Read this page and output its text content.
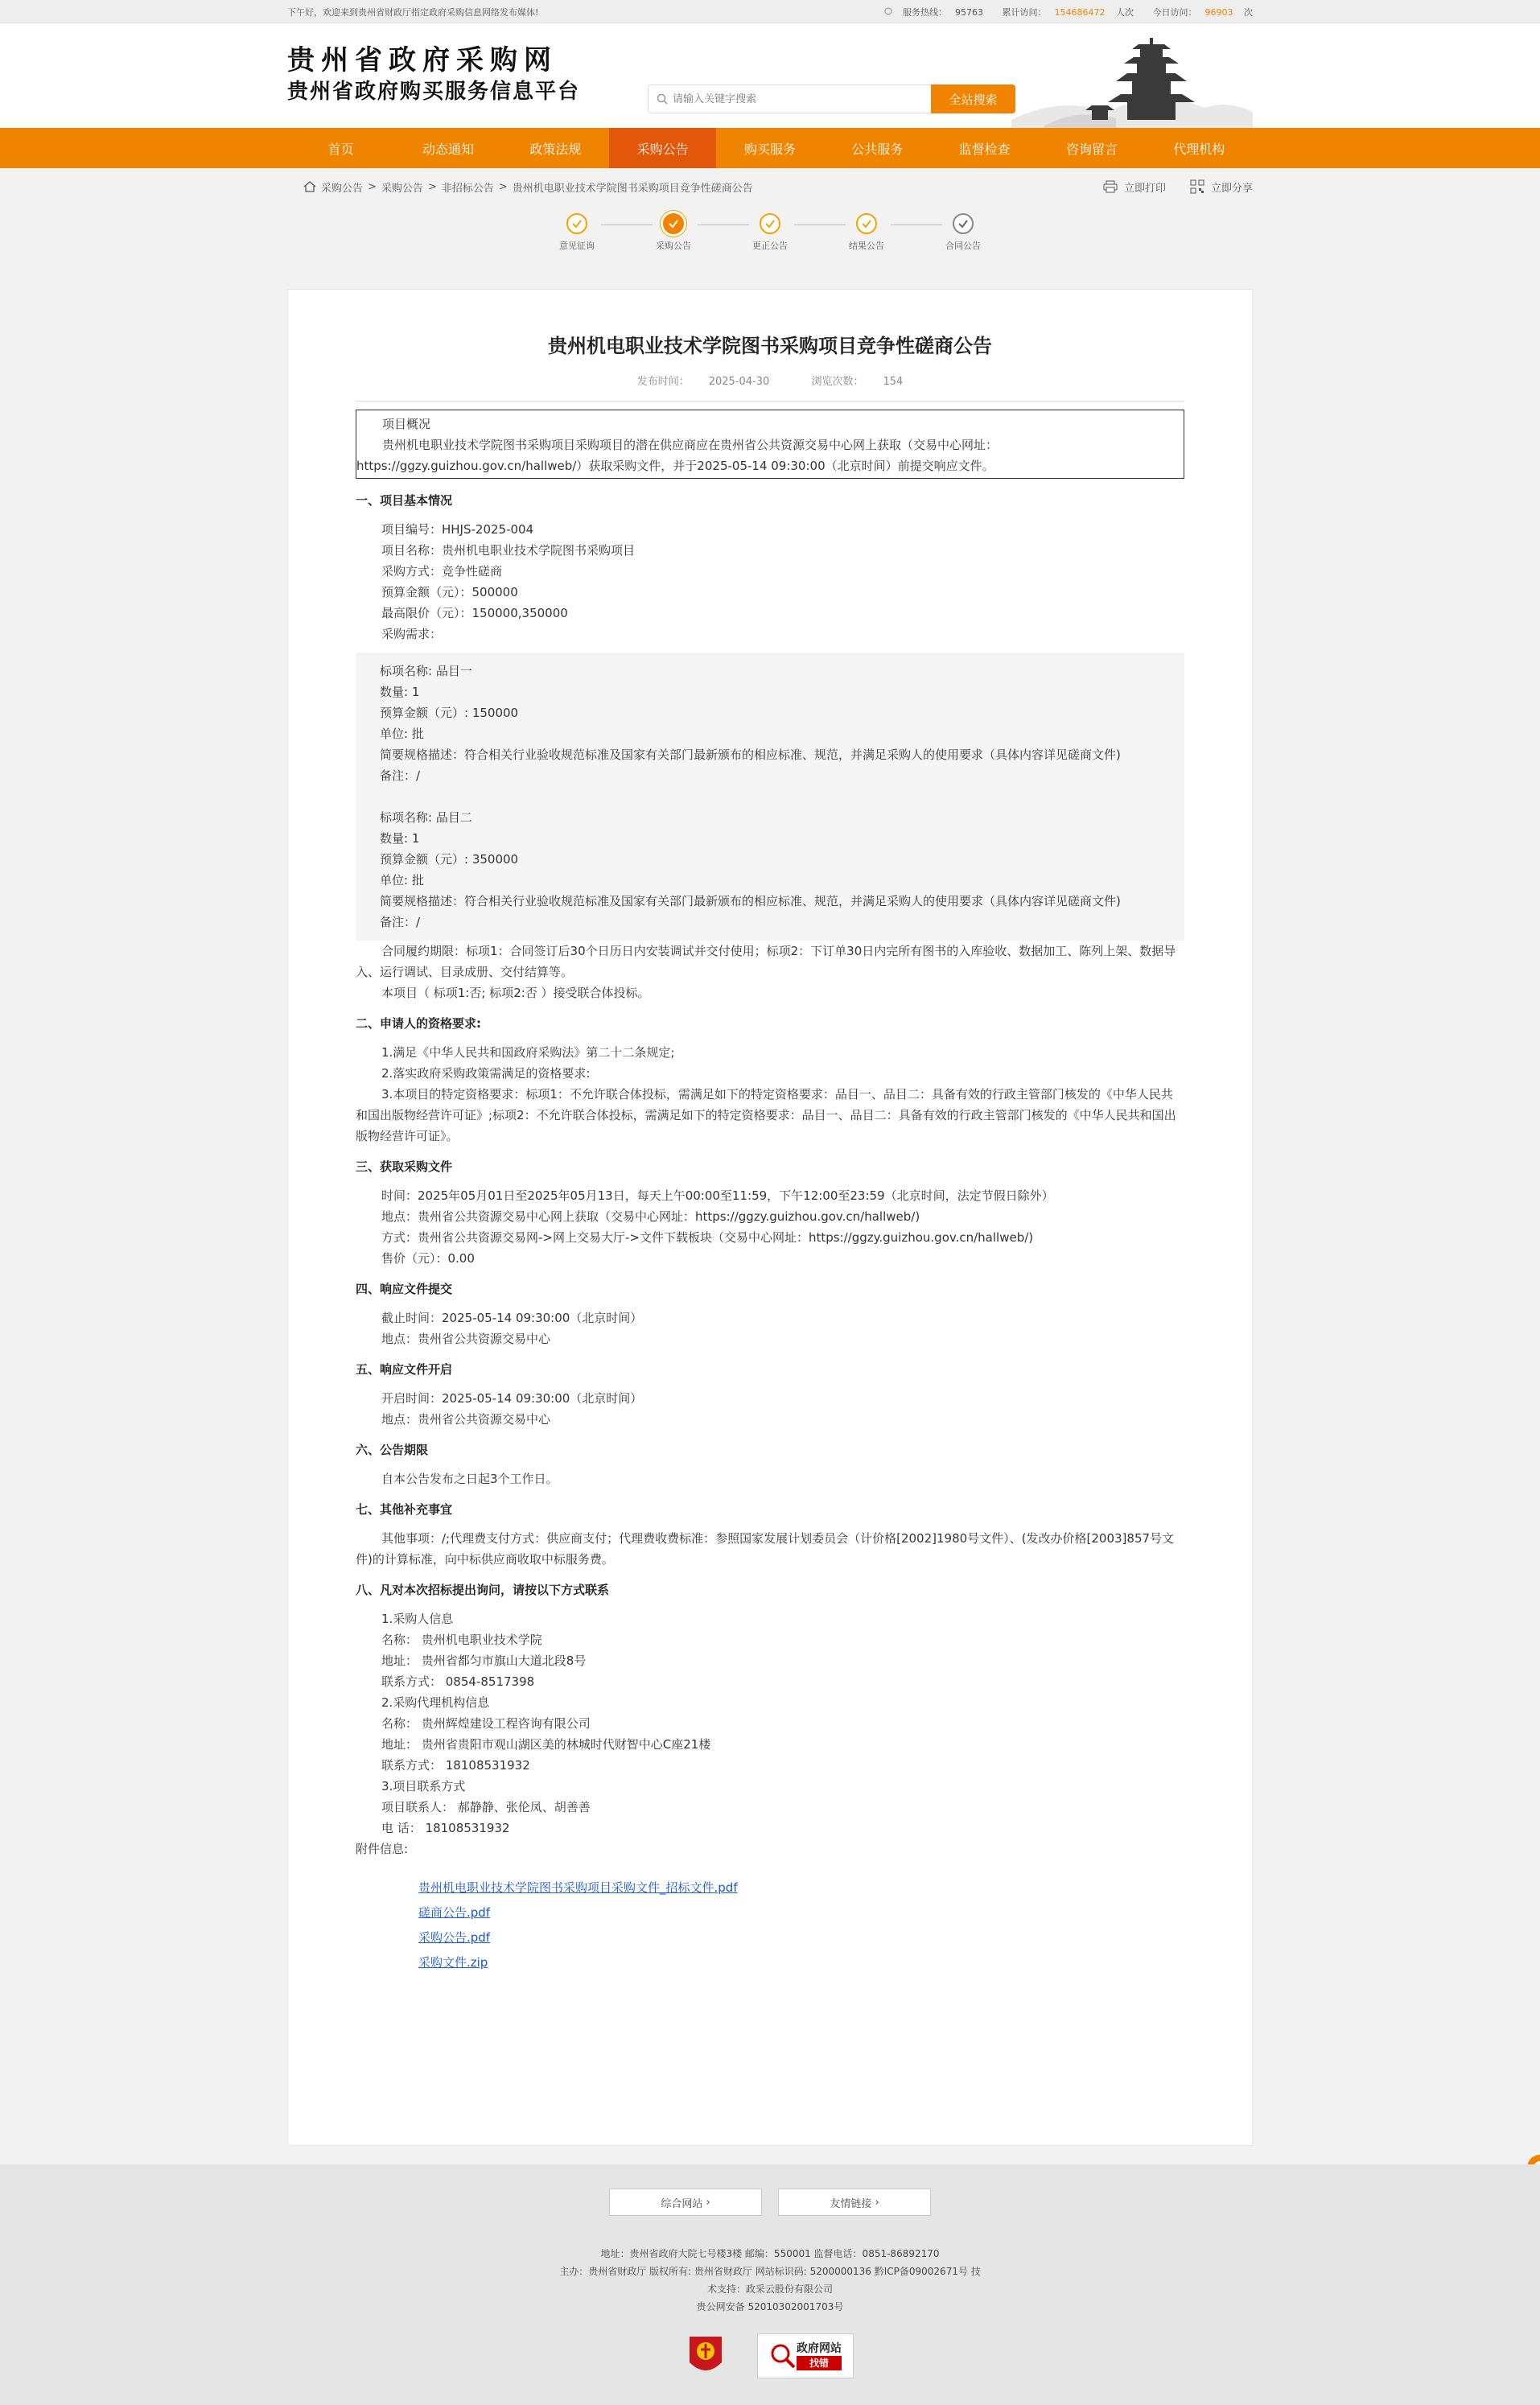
下午好，欢迎来到贵州省财政厅指定政府采购信息网络发布媒体!	服务热线： 95763 累计访问： 154686472 人次 今日访问： 96903 次
贵州省政府采购网
贵州省政府购买服务信息平台
请输入关键字搜索	全站搜索
首页	动态通知	政策法规	采购公告	购买服务	公共服务	监督检查	咨询留言	代理机构
采购公告 > 采购公告 > 非招标公告 > 贵州机电职业技术学院图书采购项目竞争性磋商公告	立即打印	立即分享
意见征询	采购公告	更正公告	结果公告	合同公告
贵州机电职业技术学院图书采购项目竞争性磋商公告
发布时间： 2025-04-30	浏览次数： 154

项目概况

贵州机电职业技术学院图书采购项目采购项目的潜在供应商应在贵州省公共资源交易中心网上获取（交易中心网址：https://ggzy.guizhou.gov.cn/hallweb/）获取采购文件，并于2025-05-14 09:30:00（北京时间）前提交响应文件。

一、项目基本情况

项目编号：HHJS-2025-004

项目名称：贵州机电职业技术学院图书采购项目

采购方式：竞争性磋商

预算金额（元）：500000

最高限价（元）：150000,350000

采购需求：

标项名称: 品目一

数量: 1

预算金额（元）: 150000

单位: 批

简要规格描述：符合相关行业验收规范标准及国家有关部门最新颁布的相应标准、规范，并满足采购人的使用要求（具体内容详见磋商文件)

备注：/

标项名称: 品目二

数量: 1

预算金额（元）: 350000

单位: 批

简要规格描述：符合相关行业验收规范标准及国家有关部门最新颁布的相应标准、规范，并满足采购人的使用要求（具体内容详见磋商文件)

备注：/

合同履约期限：标项1：合同签订后30个日历日内安装调试并交付使用；标项2：下订单30日内完所有图书的入库验收、数据加工、陈列上架、数据导入、运行调试、目录成册、交付结算等。

本项目（ 标项1:否; 标项2:否 ）接受联合体投标。

二、申请人的资格要求:

1.满足《中华人民共和国政府采购法》第二十二条规定;

2.落实政府采购政策需满足的资格要求:

3.本项目的特定资格要求：标项1：不允许联合体投标，需满足如下的特定资格要求：品目一、品目二：具备有效的行政主管部门核发的《中华人民共和国出版物经营许可证》;标项2：不允许联合体投标，需满足如下的特定资格要求：品目一、品目二：具备有效的行政主管部门核发的《中华人民共和国出版物经营许可证》。

三、获取采购文件

时间：2025年05月01日至2025年05月13日，每天上午00:00至11:59，下午12:00至23:59（北京时间，法定节假日除外）

地点：贵州省公共资源交易中心网上获取（交易中心网址：https://ggzy.guizhou.gov.cn/hallweb/)

方式：贵州省公共资源交易网->网上交易大厅->文件下载板块（交易中心网址：https://ggzy.guizhou.gov.cn/hallweb/)

售价（元）：0.00

四、响应文件提交

截止时间：2025-05-14 09:30:00（北京时间）

地点：贵州省公共资源交易中心

五、响应文件开启

开启时间：2025-05-14 09:30:00（北京时间）

地点：贵州省公共资源交易中心

六、公告期限

自本公告发布之日起3个工作日。

七、其他补充事宜

其他事项：/;代理费支付方式：供应商支付；代理费收费标准：参照国家发展计划委员会（计价格[2002]1980号文件）、(发改办价格[2003]857号文件)的计算标准，向中标供应商收取中标服务费。

八、凡对本次招标提出询问，请按以下方式联系

1.采购人信息

名称： 贵州机电职业技术学院

地址： 贵州省都匀市旗山大道北段8号

联系方式： 0854-8517398

2.采购代理机构信息

名称： 贵州辉煌建设工程咨询有限公司

地址： 贵州省贵阳市观山湖区美的林城时代财智中心C座21楼

联系方式： 18108531932

3.项目联系方式

项目联系人： 郝静静、张伦凤、胡善善

电 话： 18108531932

附件信息:

贵州机电职业技术学院图书采购项目采购文件_招标文件.pdf
磋商公告.pdf
采购公告.pdf
采购文件.zip
综合网站
›	友情链接
›

地址：贵州省政府大院七号楼3楼 邮编：550001 监督电话：0851-86892170

主办：贵州省财政厅 版权所有: 贵州省财政厅 网站标识码: 5200000136 黔ICP备09002671号 技

术支持：政采云股份有限公司

贵公网安备 52010302001703号

政府网站
找错
